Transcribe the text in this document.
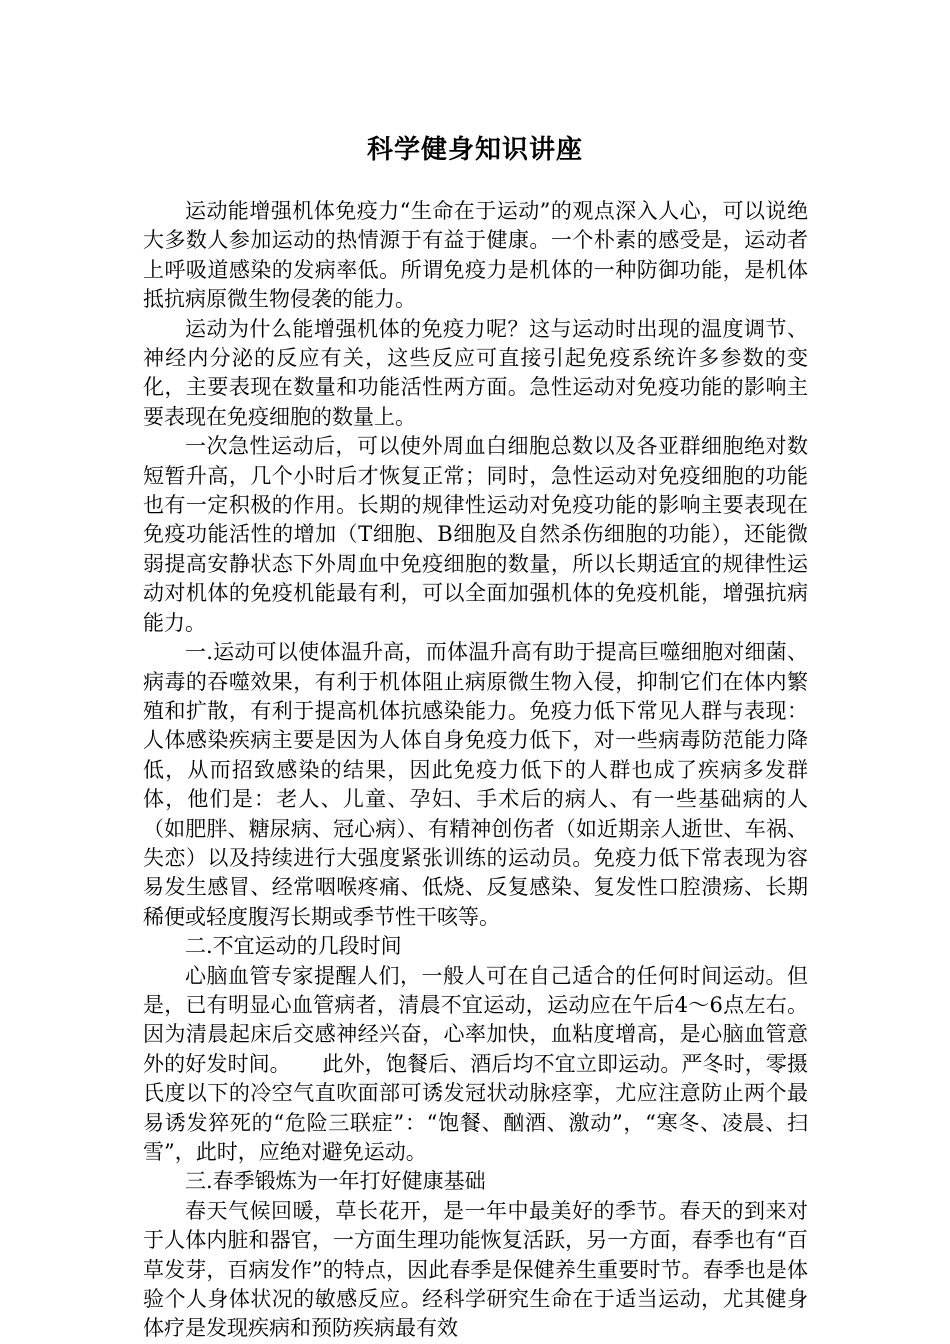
科学健身知识讲座

运动能增强机体免疫力“生命在于运动”的观点深入人心，可以说绝大多数人参加运动的热情源于有益于健康。一个朴素的感受是，运动者上呼吸道感染的发病率低。所谓免疫力是机体的一种防御功能，是机体抵抗病原微生物侵袭的能力。

运动为什么能增强机体的免疫力呢？这与运动时出现的温度调节、神经内分泌的反应有关，这些反应可直接引起免疫系统许多参数的变化，主要表现在数量和功能活性两方面。急性运动对免疫功能的影响主要表现在免疫细胞的数量上。

一次急性运动后，可以使外周血白细胞总数以及各亚群细胞绝对数短暂升高，几个小时后才恢复正常；同时，急性运动对免疫细胞的功能也有一定积极的作用。长期的规律性运动对免疫功能的影响主要表现在免疫功能活性的增加（T细胞、B细胞及自然杀伤细胞的功能），还能微弱提高安静状态下外周血中免疫细胞的数量，所以长期适宜的规律性运动对机体的免疫机能最有利，可以全面加强机体的免疫机能，增强抗病能力。

一.运动可以使体温升高，而体温升高有助于提高巨噬细胞对细菌、病毒的吞噬效果，有利于机体阻止病原微生物入侵，抑制它们在体内繁殖和扩散，有利于提高机体抗感染能力。免疫力低下常见人群与表现：人体感染疾病主要是因为人体自身免疫力低下，对一些病毒防范能力降低，从而招致感染的结果，因此免疫力低下的人群也成了疾病多发群体，他们是：老人、儿童、孕妇、手术后的病人、有一些基础病的人（如肥胖、糖尿病、冠心病）、有精神创伤者（如近期亲人逝世、车祸、失恋）以及持续进行大强度紧张训练的运动员。免疫力低下常表现为容易发生感冒、经常咽喉疼痛、低烧、反复感染、复发性口腔溃疡、长期稀便或轻度腹泻长期或季节性干咳等。

二.不宜运动的几段时间

心脑血管专家提醒人们，一般人可在自己适合的任何时间运动。但是，已有明显心血管病者，清晨不宜运动，运动应在午后4～6点左右。因为清晨起床后交感神经兴奋，心率加快，血粘度增高，是心脑血管意外的好发时间。　　此外，饱餐后、酒后均不宜立即运动。严冬时，零摄氏度以下的冷空气直吹面部可诱发冠状动脉痉挛，尤应注意防止两个最易诱发猝死的“危险三联症”：“饱餐、酗酒、激动”，“寒冬、凌晨、扫雪”，此时，应绝对避免运动。

三.春季锻炼为一年打好健康基础

春天气候回暖，草长花开，是一年中最美好的季节。春天的到来对于人体内脏和器官，一方面生理功能恢复活跃，另一方面，春季也有“百草发芽，百病发作”的特点，因此春季是保健养生重要时节。春季也是体验个人身体状况的敏感反应。经科学研究生命在于适当运动，尤其健身体疗是发现疾病和预防疾病最有效
